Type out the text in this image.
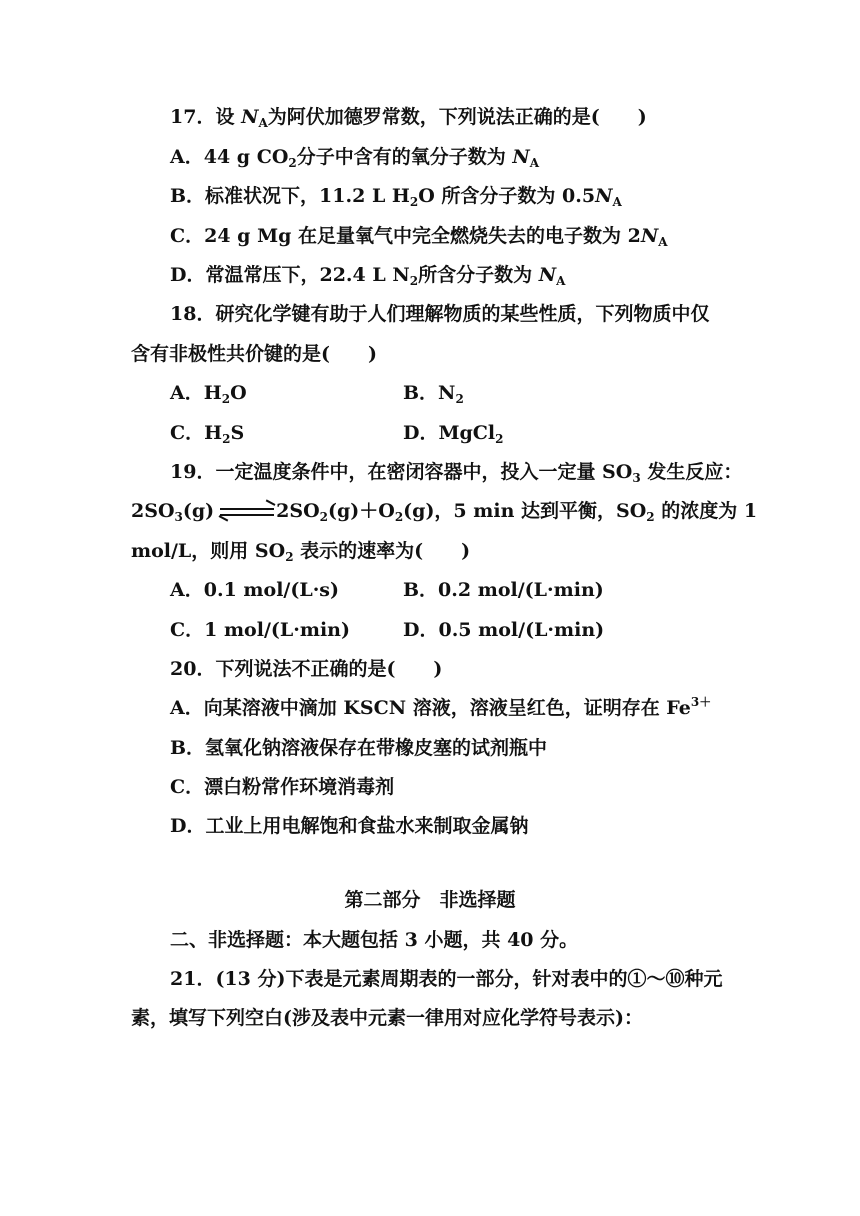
17．设 $N_A$为阿伏加德罗常数，下列说法正确的是(　　)
A．44 g $CO_2$分子中含有的氧分子数为 $N_A$
B．标准状况下，11.2 L $H_2O$ 所含分子数为 $0.5N_A$
C．24 g Mg 在足量氧气中完全燃烧失去的电子数为 $2N_A$
D．常温常压下，22.4 L $N_2$所含分子数为 $N_A$
18．研究化学键有助于人们理解物质的某些性质，下列物质中仅
含有非极性共价键的是(　　)
A．$H_2O$	B．$N_2$
C．$H_2S$	D．MgCl$_2$
19．一定温度条件中，在密闭容器中，投入一定量 $SO_3$ 发生反应：
$2SO_3(g)$ ⇌ $2SO_2(g)+O_2(g)$，5 min 达到平衡，$SO_2$ 的浓度为 1
mol/L，则用 $SO_2$ 表示的速率为(　　)
A．0.1 mol/(L·s)	B．0.2 mol/(L·min)
C．1 mol/(L·min)	D．0.5 mol/(L·min)
20．下列说法不正确的是(　　)
A．向某溶液中滴加 KSCN 溶液，溶液呈红色，证明存在 $Fe^{3+}$
B．氢氧化钠溶液保存在带橡皮塞的试剂瓶中
C．漂白粉常作环境消毒剂
D．工业上用电解饱和食盐水来制取金属钠
第二部分　非选择题
二、非选择题：本大题包括 3 小题，共 40 分。
21．(13 分)下表是元素周期表的一部分，针对表中的①～⑩种元
素，填写下列空白(涉及表中元素一律用对应化学符号表示)：
